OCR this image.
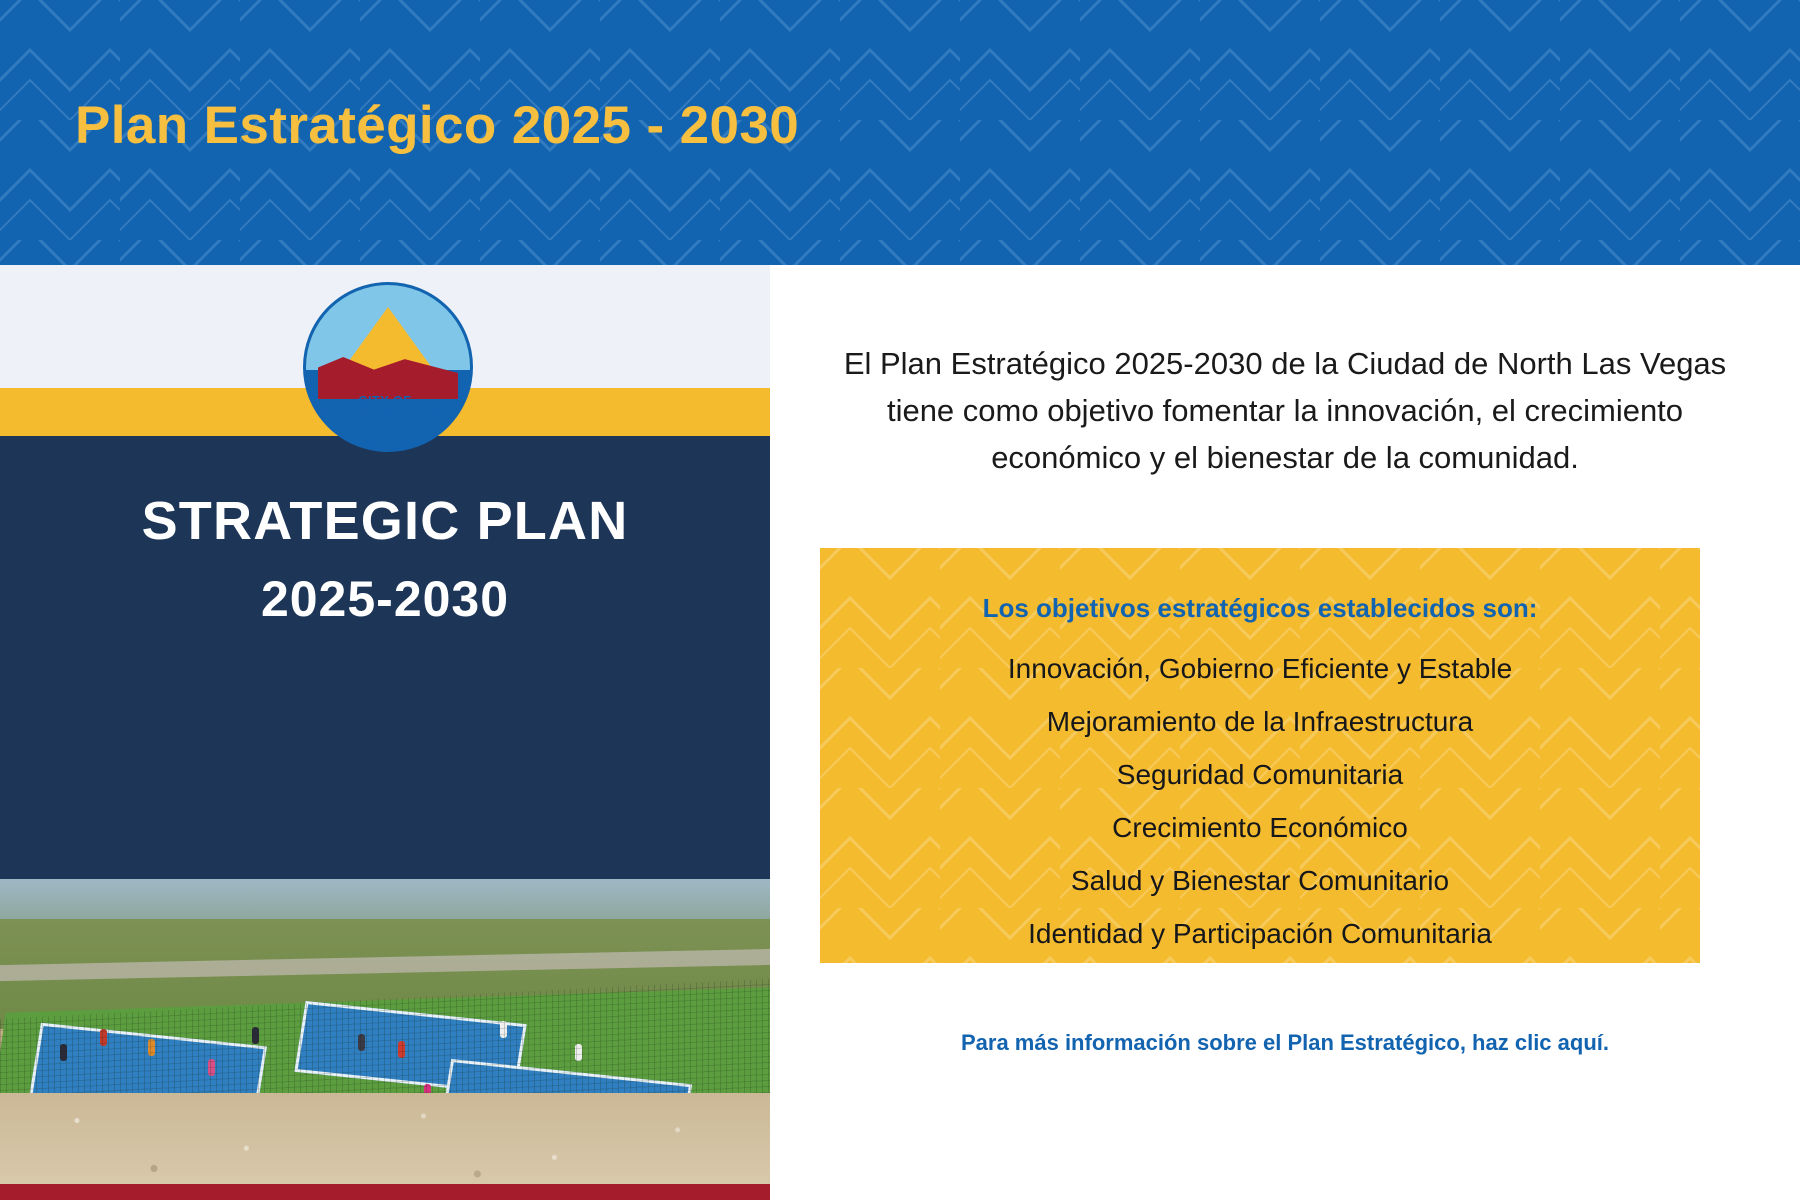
Plan Estratégico 2025 - 2030
CITY OF
NORTH LAS VEGAS
STRATEGIC PLAN
2025-2030
El Plan Estratégico 2025-2030 de la Ciudad de North Las Vegas tiene como objetivo fomentar la innovación, el crecimiento económico y el bienestar de la comunidad.
Los objetivos estratégicos establecidos son:
Innovación, Gobierno Eficiente y Estable
Mejoramiento de la Infraestructura
Seguridad Comunitaria
Crecimiento Económico
Salud y Bienestar Comunitario
Identidad y Participación Comunitaria
Para más información sobre el Plan Estratégico, haz clic aquí.
